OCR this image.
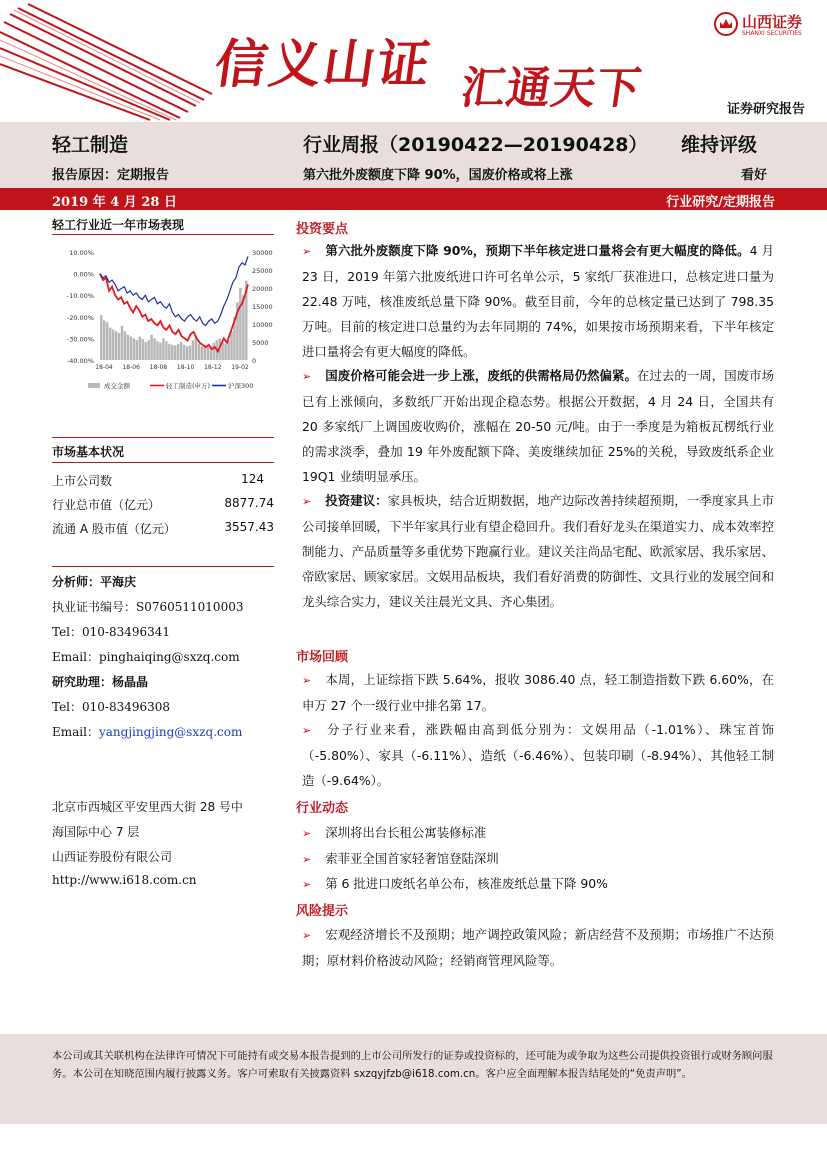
信义山证 汇通天下
山西证券
SHANXI SECURITIES
证券研究报告
轻工制造	行业周报（20190422—20190428） 维持评级
报告原因：定期报告	第六批外废额度下降 90%，国废价格或将上涨	看好
2019 年 4 月 28 日	行业研究/定期报告
轻工行业近一年市场表现
10.00%
0.00%
-10.00%
-20.00%
-30.00%
-40.00%
30000
25000
20000
15000
10000
5000
0
18-04 18-06 18-08 18-10 18-12 19-02
成交金额	轻工制造(申万)	沪深300
市场基本状况
上市公司数	124
行业总市值（亿元）	8877.74
流通 A 股市值（亿元）	3557.43
分析师：平海庆
执业证书编号：S0760511010003
Tel：010-83496341
Email：pinghaiqing@sxzq.com
研究助理：杨晶晶
Tel：010-83496308
Email：yangjingjing@sxzq.com
北京市西城区平安里西大街 28 号中
海国际中心 7 层
山西证券股份有限公司
http://www.i618.com.cn
投资要点
➢ 第六批外废额度下降 90%，预期下半年核定进口量将会有更大幅度的降低。4 月 23 日，2019 年第六批废纸进口许可名单公示，5 家纸厂获准进口，总核定进口量为 22.48 万吨，核准废纸总量下降 90%。截至目前，今年的总核定量已达到了 798.35 万吨。目前的核定进口总量约为去年同期的 74%，如果按市场预期来看，下半年核定进口量将会有更大幅度的降低。
➢ 国废价格可能会进一步上涨，废纸的供需格局仍然偏紧。在过去的一周，国废市场已有上涨倾向，多数纸厂开始出现企稳态势。根据公开数据，4 月 24 日，全国共有 20 多家纸厂上调国废收购价，涨幅在 20-50 元/吨。由于一季度是为箱板瓦楞纸行业的需求淡季，叠加 19 年外废配额下降、美废继续加征 25%的关税，导致废纸系企业 19Q1 业绩明显承压。
➢ 投资建议：家具板块，结合近期数据，地产边际改善持续超预期，一季度家具上市公司接单回暖，下半年家具行业有望企稳回升。我们看好龙头在渠道实力、成本效率控制能力、产品质量等多重优势下跑赢行业。建议关注尚品宅配、欧派家居、我乐家居、帝欧家居、顾家家居。文娱用品板块，我们看好消费的防御性、文具行业的发展空间和龙头综合实力，建议关注晨光文具、齐心集团。
市场回顾
➢ 本周，上证综指下跌 5.64%，报收 3086.40 点，轻工制造指数下跌 6.60%，在申万 27 个一级行业中排名第 17。
➢ 分子行业来看，涨跌幅由高到低分别为：文娱用品（-1.01%）、珠宝首饰（-5.80%）、家具（-6.11%）、造纸（-6.46%）、包装印刷（-8.94%）、其他轻工制造（-9.64%）。
行业动态
➢ 深圳将出台长租公寓装修标准
➢ 索菲亚全国首家轻奢馆登陆深圳
➢ 第 6 批进口废纸名单公布，核准废纸总量下降 90%
风险提示
➢ 宏观经济增长不及预期；地产调控政策风险；新店经营不及预期；市场推广不达预期；原材料价格波动风险；经销商管理风险等。
本公司或其关联机构在法律许可情况下可能持有或交易本报告提到的上市公司所发行的证券或投资标的，还可能为或争取为这些公司提供投资银行或财务顾问服务。本公司在知晓范围内履行披露义务。客户可索取有关披露资料 sxzqyjfzb@i618.com.cn。客户应全面理解本报告结尾处的“免责声明”。
